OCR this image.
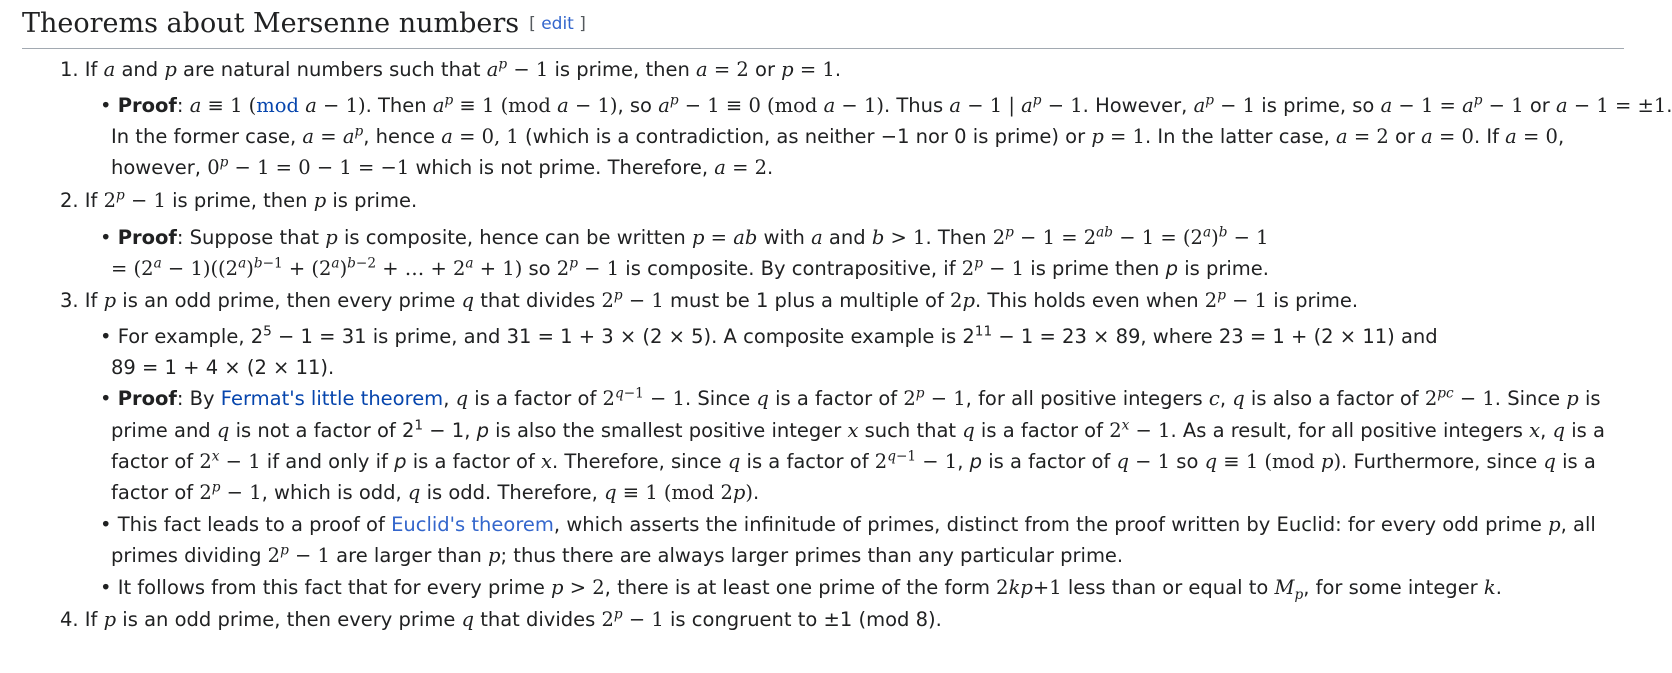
Theorems about Mersenne numbers [ edit ]
1. If a and p are natural numbers such that $a^p - 1$ is prime, then a = 2 or p = 1.
• Proof: a ≡ 1 (mod a − 1). Then $a^p \equiv 1$ (mod a − 1), so $a^p - 1 \equiv 0$ (mod a − 1). Thus a − 1 | $a^p - 1$. However, $a^p - 1$ is prime, so $a - 1 = a^p - 1$ or a − 1 = ±1.
In the former case, $a = a^p$, hence a = 0, 1 (which is a contradiction, as neither −1 nor 0 is prime) or p = 1. In the latter case, a = 2 or a = 0. If a = 0,
however, $0^p - 1 = 0 - 1 = -1$ which is not prime. Therefore, a = 2.
2. If $2^p - 1$ is prime, then p is prime.
• Proof: Suppose that p is composite, hence can be written p = ab with a and b > 1. Then $2^p - 1 = 2^{ab} - 1 = (2^a)^b - 1$
= $(2^a - 1)((2^a)^{b-1} + (2^a)^{b-2}$ + … + $2^a + 1$) so $2^p - 1$ is composite. By contrapositive, if $2^p - 1$ is prime then p is prime.
3. If p is an odd prime, then every prime q that divides $2^p - 1$ must be 1 plus a multiple of 2p. This holds even when $2^p - 1$ is prime.
• For example, $2^5 - 1 = 31$ is prime, and 31 = 1 + 3 × (2 × 5). A composite example is $2^{11} - 1 = 23 \times 89$, where 23 = 1 + (2 × 11) and
89 = 1 + 4 × (2 × 11).
• Proof: By Fermat's little theorem, q is a factor of $2^{q-1} - 1$. Since q is a factor of $2^p - 1$, for all positive integers c, q is also a factor of $2^{pc} - 1$. Since p is
prime and q is not a factor of $2^1 - 1$, p is also the smallest positive integer x such that q is a factor of $2^x - 1$. As a result, for all positive integers x, q is a
factor of $2^x - 1$ if and only if p is a factor of x. Therefore, since q is a factor of $2^{q-1} - 1$, p is a factor of q − 1 so q ≡ 1 (mod p). Furthermore, since q is a
factor of $2^p - 1$, which is odd, q is odd. Therefore, q ≡ 1 (mod 2p).
• This fact leads to a proof of Euclid's theorem, which asserts the infinitude of primes, distinct from the proof written by Euclid: for every odd prime p, all
primes dividing $2^p - 1$ are larger than p; thus there are always larger primes than any particular prime.
• It follows from this fact that for every prime p > 2, there is at least one prime of the form 2kp+1 less than or equal to $M_p$, for some integer k.
4. If p is an odd prime, then every prime q that divides $2^p - 1$ is congruent to ±1 (mod 8).
